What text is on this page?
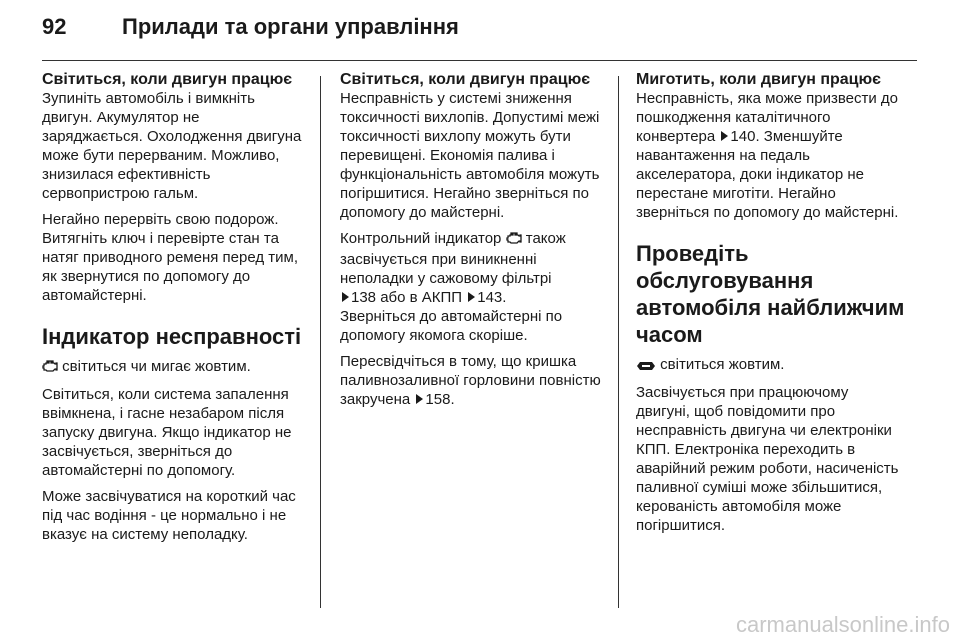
92	Прилади та органи управління
Світиться, коли двигун працює

Зупиніть автомобіль і вимкніть двигун. Акумулятор не заряджається. Охолодження двигуна може бути перерваним. Можливо, знизилася ефективність сервопристрою гальм.

Негайно перервіть свою подорож. Витягніть ключ і перевірте стан та натяг приводного ременя перед тим, як звернутися по допомогу до автомайстерні.

Індикатор несправності

світиться чи мигає жовтим.

Світиться, коли система запалення ввімкнена, і гасне незабаром після запуску двигуна. Якщо індикатор не засвічується, зверніться до автомайстерні по допомогу.

Може засвічуватися на короткий час під час водіння - це нормально і не вказує на систему неполадку.

Світиться, коли двигун працює

Несправність у системі зниження токсичності вихлопів. Допустимі межі токсичності вихлопу можуть бути перевищені. Економія палива і функціональність автомобіля можуть погіршитися. Негайно зверніться по допомогу до майстерні.

Контрольний індикатор  також засвічується при виникненні неполадки у сажовому фільтрі
138 або в АКПП 143.
Зверніться до автомайстерні по допомогу якомога скоріше.

Пересвідчіться в тому, що кришка паливнозаливної горловини повністю закручена 158.

Миготить, коли двигун працює

Несправність, яка може призвести до пошкодження каталітичного конвертера 140. Зменшуйте навантаження на педаль акселератора, доки індикатор не перестане миготіти. Негайно зверніться по допомогу до майстерні.

Проведіть обслуговування автомобіля найближчим часом

світиться жовтим.

Засвічується при працюючому двигуні, щоб повідомити про несправність двигуна чи електроніки КПП. Електроніка переходить в аварійний режим роботи, насиченість паливної суміші може збільшитися, керованість автомобіля може погіршитися.

carmanualsonline.info
